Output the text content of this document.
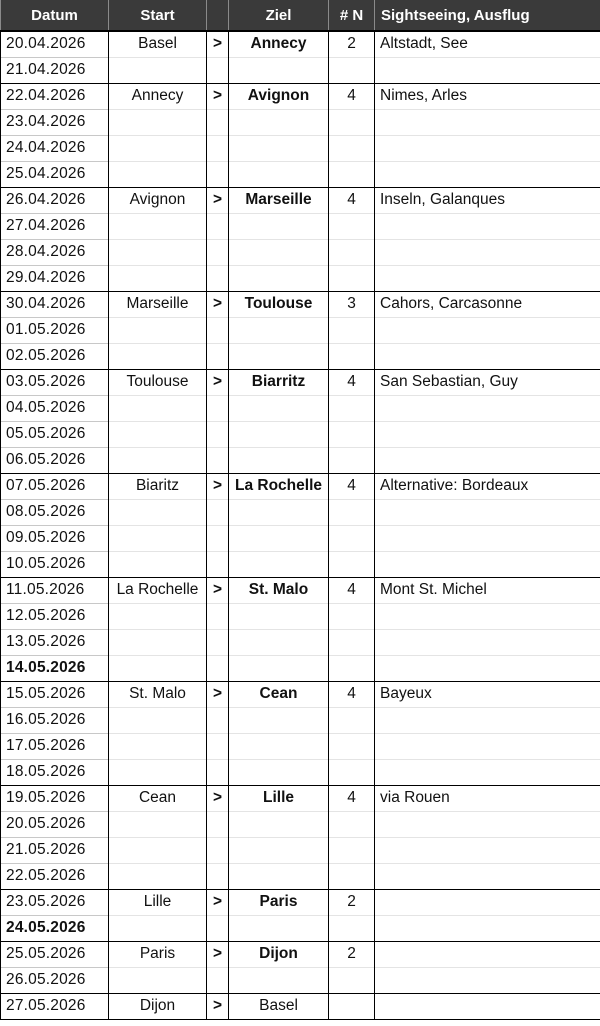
Datum	Start		Ziel	# N	Sightseeing, Ausflug
20.04.2026	Basel	>	Annecy	2	Altstadt, See
21.04.2026					
22.04.2026	Annecy	>	Avignon	4	Nimes, Arles
23.04.2026					
24.04.2026					
25.04.2026					
26.04.2026	Avignon	>	Marseille	4	Inseln, Galanques
27.04.2026					
28.04.2026					
29.04.2026					
30.04.2026	Marseille	>	Toulouse	3	Cahors, Carcasonne
01.05.2026					
02.05.2026					
03.05.2026	Toulouse	>	Biarritz	4	San Sebastian, Guy
04.05.2026					
05.05.2026					
06.05.2026					
07.05.2026	Biaritz	>	La Rochelle	4	Alternative: Bordeaux
08.05.2026					
09.05.2026					
10.05.2026					
11.05.2026	La Rochelle	>	St. Malo	4	Mont St. Michel
12.05.2026					
13.05.2026					
14.05.2026					
15.05.2026	St. Malo	>	Cean	4	Bayeux
16.05.2026					
17.05.2026					
18.05.2026					
19.05.2026	Cean	>	Lille	4	via Rouen
20.05.2026					
21.05.2026					
22.05.2026					
23.05.2026	Lille	>	Paris	2	
24.05.2026					
25.05.2026	Paris	>	Dijon	2	
26.05.2026					
27.05.2026	Dijon	>	Basel		
